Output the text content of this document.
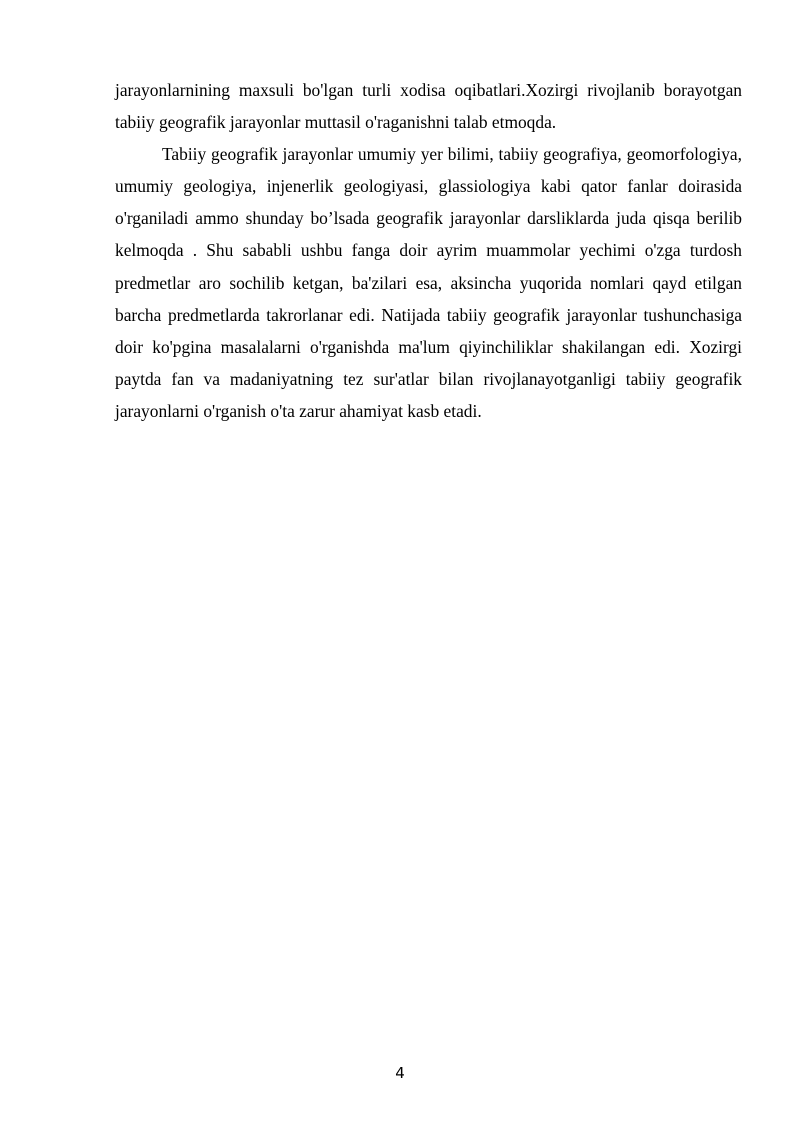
jarayonlarnining maxsuli bo'lgan turli xodisa oqibatlari.Xozirgi rivojlanib borayotgan tabiiy geografik jarayonlar muttasil o'raganishni talab etmoqda.

Tabiiy geografik jarayonlar umumiy yer bilimi, tabiiy geografiya, geomorfologiya, umumiy geologiya, injenerlik geologiyasi, glassiologiya kabi qator fanlar doirasida o'rganiladi ammo shunday bo’lsada geografik jarayonlar darsliklarda juda qisqa berilib kelmoqda . Shu sababli ushbu fanga doir ayrim muammolar yechimi o'zga turdosh predmetlar aro sochilib ketgan, ba'zilari esa, aksincha yuqorida nomlari qayd etilgan barcha predmetlarda takrorlanar edi. Natijada tabiiy geografik jarayonlar tushunchasiga doir ko'pgina masalalarni o'rganishda ma'lum qiyinchiliklar shakilangan edi. Xozirgi paytda fan va madaniyatning tez sur'atlar bilan rivojlanayotganligi tabiiy geografik jarayonlarni o'rganish o'ta zarur ahamiyat kasb etadi.

4
